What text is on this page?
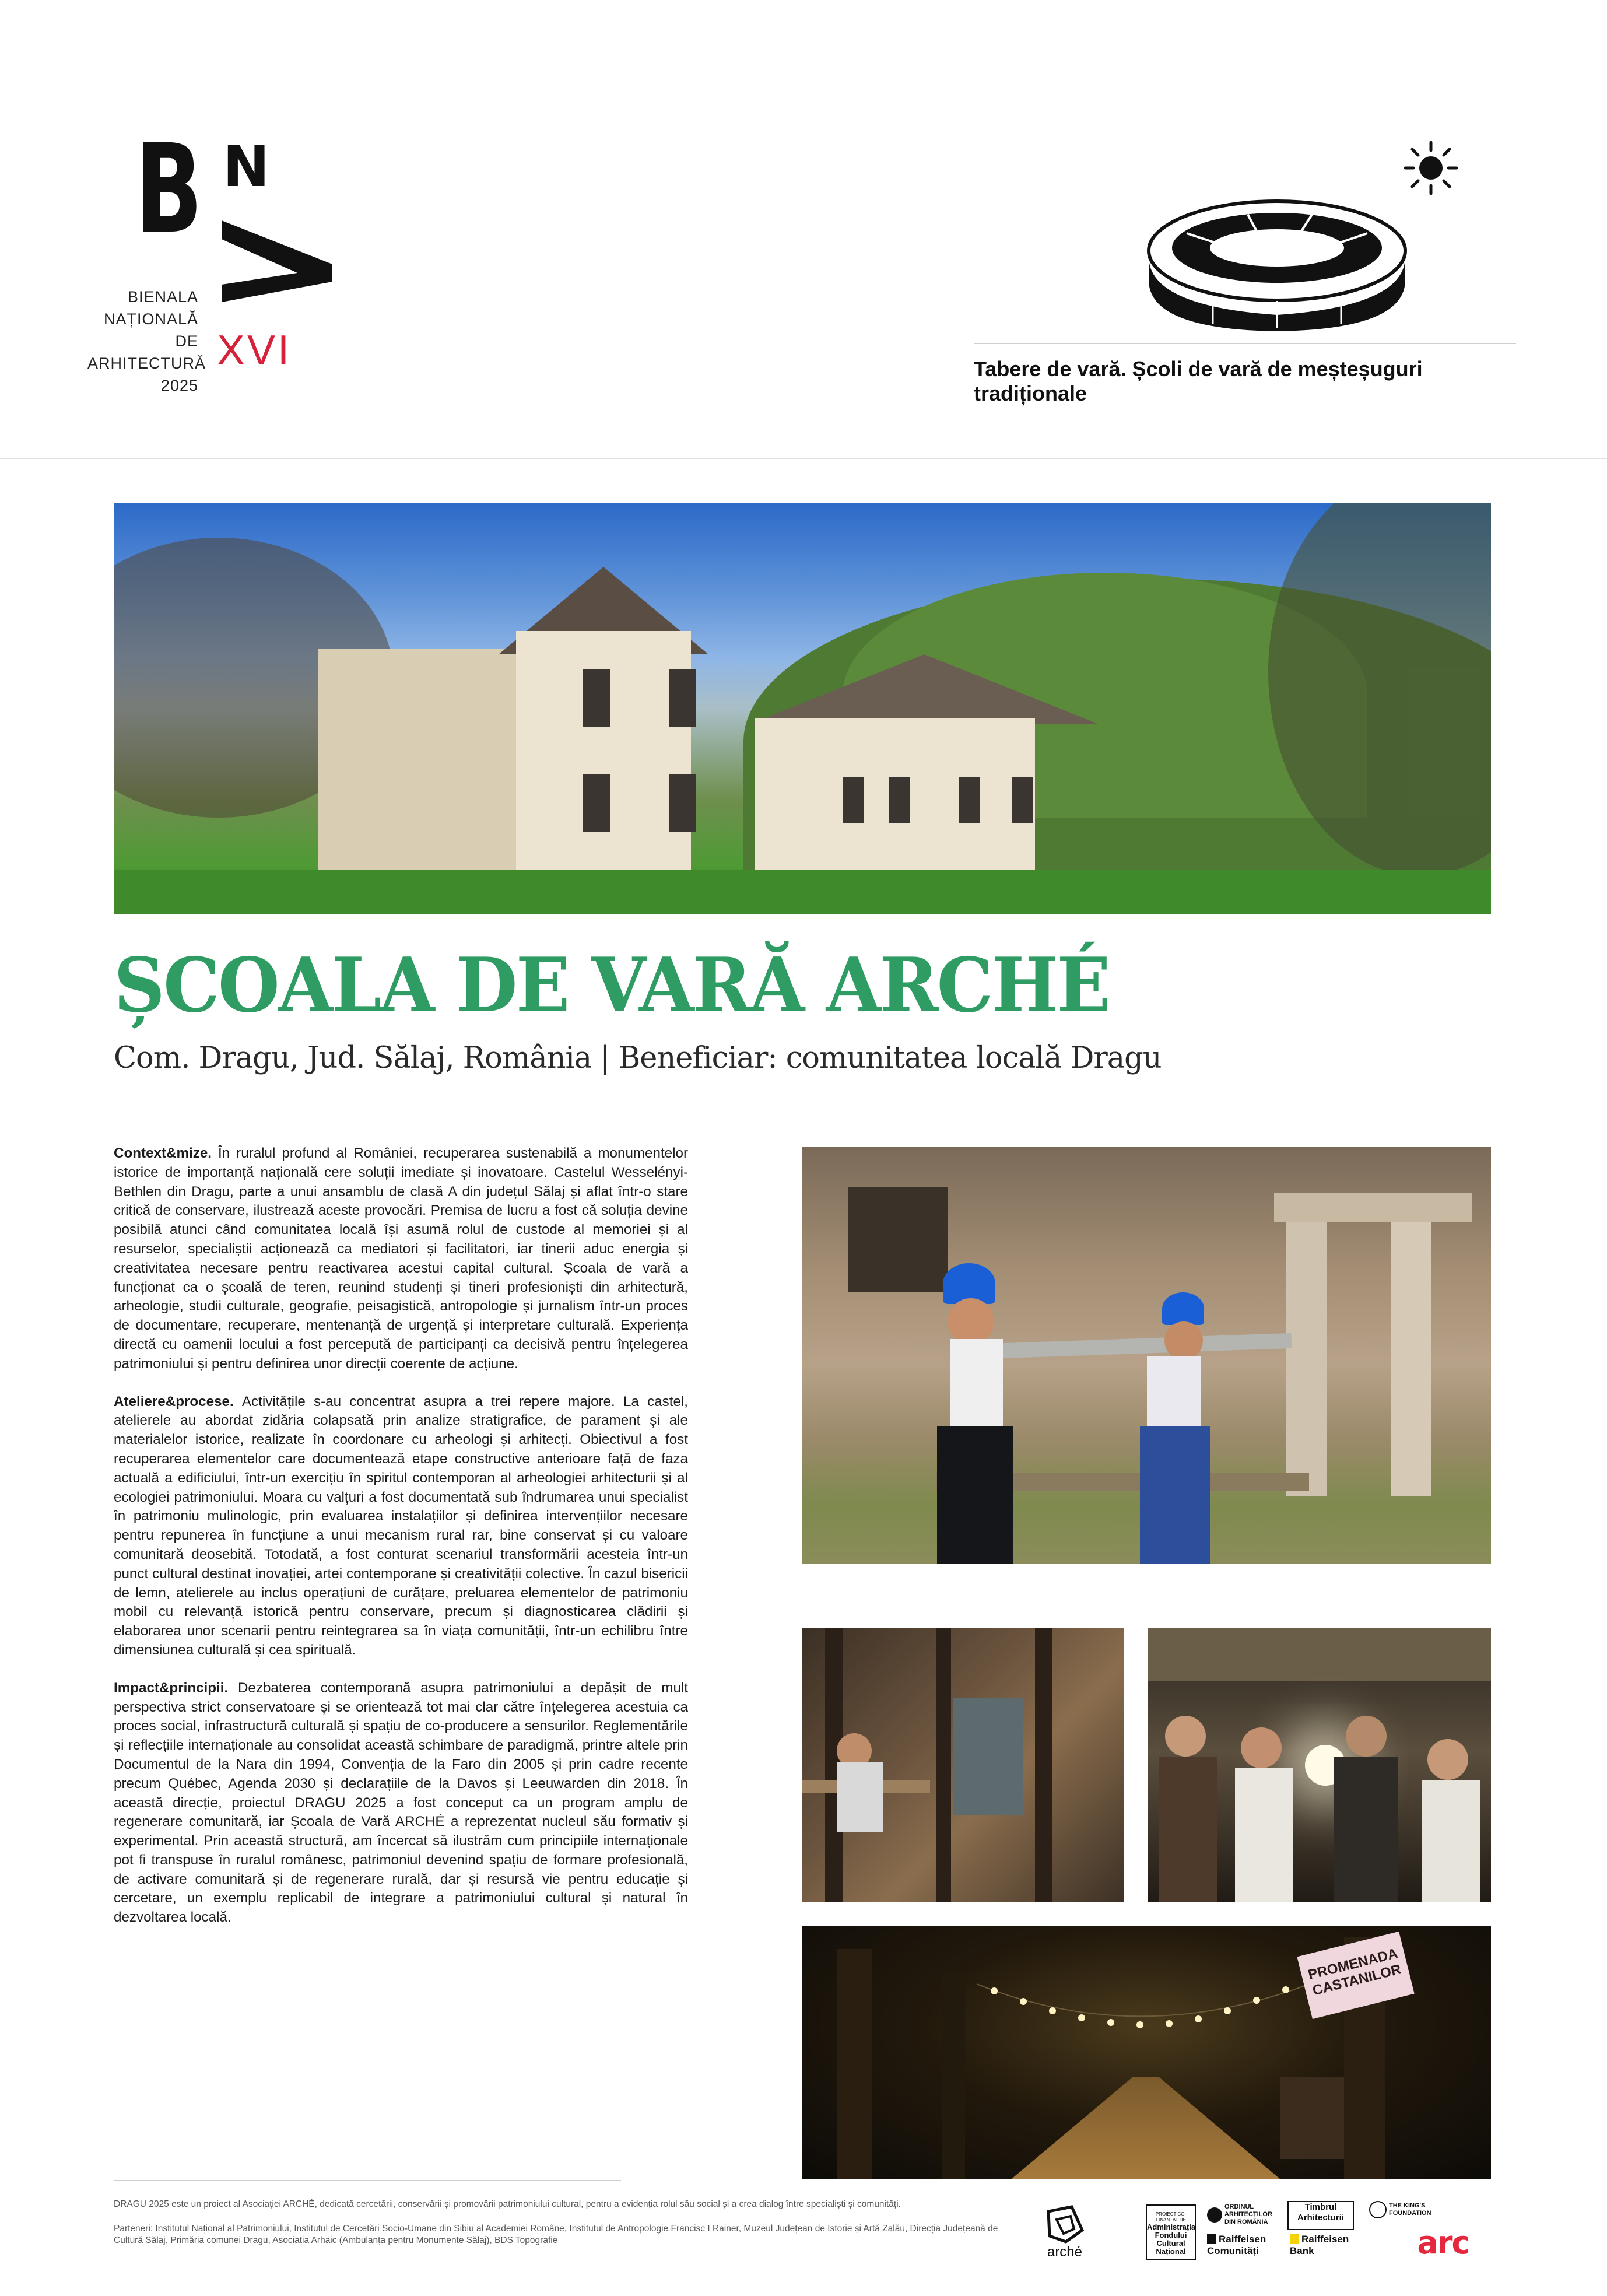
B N
BIENALA
NAȚIONALĂ
DE
ARHITECTURĂ
2025
XVI	Tabere de vară. Școli de vară de meșteșuguri tradiționale
ȘCOALA DE VARĂ ARCHÉ
Com. Dragu, Jud. Sălaj, România | Beneficiar: comunitatea locală Dragu

Context&mize. În ruralul profund al României, recuperarea sustenabilă a monumentelor istorice de importanță națională cere soluții imediate și inovatoare. Castelul Wesselényi-Bethlen din Dragu, parte a unui ansamblu de clasă A din județul Sălaj și aflat într-o stare critică de conservare, ilustrează aceste provocări. Premisa de lucru a fost că soluția devine posibilă atunci când comunitatea locală își asumă rolul de custode al memoriei și al resurselor, specialiștii acționează ca mediatori și facilitatori, iar tinerii aduc energia și creativitatea necesare pentru reactivarea acestui capital cultural. Școala de vară a funcționat ca o școală de teren, reunind studenți și tineri profesioniști din arhitectură, arheologie, studii culturale, geografie, peisagistică, antropologie și jurnalism într-un proces de documentare, recuperare, mentenanță de urgență și interpretare culturală. Experiența directă cu oamenii locului a fost percepută de participanți ca decisivă pentru înțelegerea patrimoniului și pentru definirea unor direcții coerente de acțiune.

Ateliere&procese. Activitățile s-au concentrat asupra a trei repere majore. La castel, atelierele au abordat zidăria colapsată prin analize stratigrafice, de parament și ale materialelor istorice, realizate în coordonare cu arheologi și arhitecți. Obiectivul a fost recuperarea elementelor care documentează etape constructive anterioare față de faza actuală a edificiului, într-un exercițiu în spiritul contemporan al arheologiei arhitecturii și al ecologiei patrimoniului. Moara cu valțuri a fost documentată sub îndrumarea unui specialist în patrimoniu mulinologic, prin evaluarea instalațiilor și definirea intervențiilor necesare pentru repunerea în funcțiune a unui mecanism rural rar, bine conservat și cu valoare comunitară deosebită. Totodată, a fost conturat scenariul transformării acesteia într-un punct cultural destinat inovației, artei contemporane și creativității colective. În cazul bisericii de lemn, atelierele au inclus operațiuni de curățare, preluarea elementelor de patrimoniu mobil cu relevanță istorică pentru conservare, precum și diagnosticarea clădirii și elaborarea unor scenarii pentru reintegrarea sa în viața comunității, într-un echilibru între dimensiunea culturală și cea spirituală.

Impact&principii. Dezbaterea contemporană asupra patrimoniului a depășit de mult perspectiva strict conservatoare și se orientează tot mai clar către înțelegerea acestuia ca proces social, infrastructură culturală și spațiu de co-producere a sensurilor. Reglementările și reflecțiile internaționale au consolidat această schimbare de paradigmă, printre altele prin Documentul de la Nara din 1994, Convenția de la Faro din 2005 și prin cadre recente precum Québec, Agenda 2030 și declarațiile de la Davos și Leeuwarden din 2018. În această direcție, proiectul DRAGU 2025 a fost conceput ca un program amplu de regenerare comunitară, iar Școala de Vară ARCHÉ a reprezentat nucleul său formativ și experimental. Prin această structură, am încercat să ilustrăm cum principiile internaționale pot fi transpuse în ruralul românesc, patrimoniul devenind spațiu de formare profesională, de activare comunitară și de regenerare rurală, dar și resursă vie pentru educație și cercetare, un exemplu replicabil de integrare a patrimoniului cultural și natural în dezvoltarea locală.

PROMENADA CASTANILOR
DRAGU 2025 este un proiect al Asociației ARCHÉ, dedicată cercetării, conservării și promovării patrimoniului cultural, pentru a evidenția rolul său social și a crea dialog între specialiști și comunități.
Parteneri: Institutul Național al Patrimoniului, Institutul de Cercetări Socio-Umane din Sibiu al Academiei Române, Institutul de Antropologie Francisc I Rainer, Muzeul Județean de Istorie și Artă Zalău, Direcția Județeană de Cultură Sălaj, Primăria comunei Dragu, Asociația Arhaic (Ambulanța pentru Monumente Sălaj), BDS Topografie
arché
PROIECT CO-FINANȚAT DE
Administrația Fondului Cultural Național
ORDINUL ARHITECȚILOR DIN ROMÂNIA
Timbrul Arhitecturii
THE KING'S FOUNDATION
Raiffeisen Comunități
Raiffeisen Bank	arc
